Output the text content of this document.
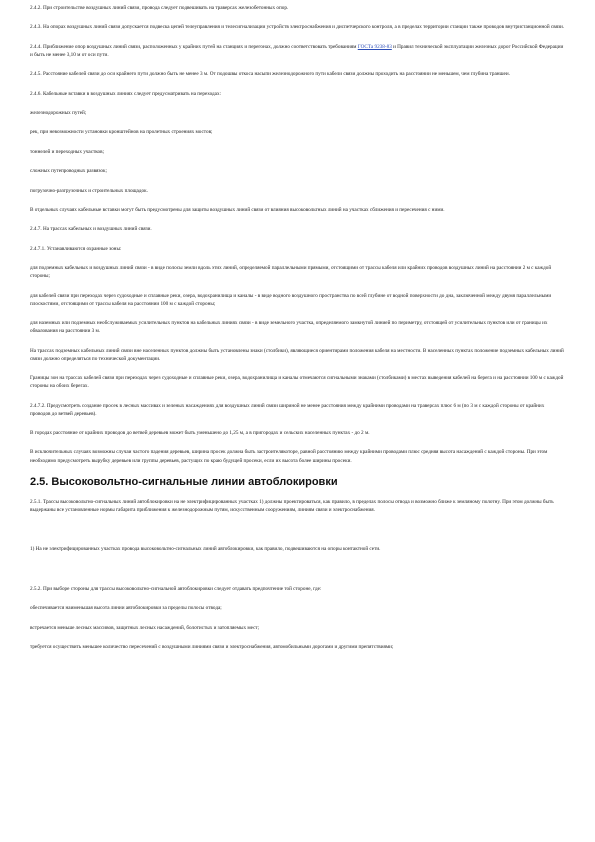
2.4.2. При строительстве воздушных линий связи, провода следует подвешивать на траверсах железобетонных опор.

2.4.3. На опорах воздушных линий связи допускается подвеска цепей телеуправления и телесигнализации устройств электроснабжения и диспетчерского контроля, а в пределах территории станции также проводов внутристанционной связи.

2.4.4. Приближение опор воздушных линий связи, расположенных у крайних путей на станциях и перегонах, должно соответствовать требованиям ГОСТа 9238-83 и Правил технической эксплуатации железных дорог Российской Федерации и быть не менее 3,10 м от оси пути.

2.4.5. Расстояние кабелей связи до оси крайнего пути должно быть не менее 3 м. От подошвы откоса насыпи железнодорожного пути кабели связи должны проходить на расстоянии не меньшем, чем глубина траншеи.

2.4.6. Кабельные вставки в воздушных линиях следует предусматривать на переходах:

железнодорожных путей;

рек, при невозможности установки кронштейнов на пролетных строениях мостов;

тоннелей и переходных участков;

сложных путепроводных развязок;

погрузочно-разгрузочных и строительных площадок.

В отдельных случаях кабельные вставки могут быть предусмотрены для защиты воздушных линий связи от влияния высоковольтных линий на участках сближения и пересечения с ними.

2.4.7. На трассах кабельных и воздушных линий связи.

2.4.7.1. Устанавливаются охранные зоны:

для подземных кабельных и воздушных линий связи - в виде полосы земли вдоль этих линий, определяемой параллельными прямыми, отстоящими от трассы кабеля или крайних проводов воздушных линий на расстоянии 2 м с каждой стороны;

для кабелей связи при переходах через судоходные и сплавные реки, озера, водохранилища и каналы - в виде водного воздушного пространства по всей глубине от водной поверхности до дна, заключенной между двумя параллельными плоскостями, отстоящими от трассы кабеля на расстоянии 100 м с каждой стороны;

для наземных или подземных необслуживаемых усилительных пунктов на кабельных линиях связи - в виде земельного участка, определяемого замкнутой линией по периметру, отстоящей от усилительных пунктов или от границы их обвалования на расстоянии 3 м.

На трассах подземных кабельных линий связи вне населенных пунктов должны быть установлены знаки (столбики), являющиеся ориентирами положения кабеля на местности. В населенных пунктах положение подземных кабельных линий связи должно определяться по технической документации.

Границы зон на трассах кабелей связи при переходах через судоходные и сплавные реки, озера, водохранилища и каналы отмечаются сигнальными знаками (столбиками) в местах выведения кабелей на берега и на расстоянии 100 м с каждой стороны на обоих берегах.

2.4.7.2. Предусмотреть создание просек в лесных массивах и зеленых насаждениях для воздушных линий связи шириной не менее расстояния между крайними проводами на траверсах плюс 6 м (по 3 м с каждой стороны от крайних проводов до ветвей деревьев).

В городах расстояние от крайних проводов до ветвей деревьев может быть уменьшено до 1,25 м, а в пригородах и сельских населенных пунктах - до 2 м.

В исключительных случаях возможны случаи частого падения деревьев, ширина просек должна быть застроителякоторе, равной расстоянию между крайними проводами плюс средняя высота насаждений с каждой стороны. При этом необходимо предусмотреть вырубку деревьев или группы деревьев, растущих по краю будущей просеки, если их высота более ширины просеки.

2.5. Высоковольтно-сигнальные линии автоблокировки

2.5.1. Трассы высоковольтно-сигнальных линий автоблокировки на не электрифицированных участках 1) должны проектироваться, как правило, в пределах полосы отвода и возможно ближе к земляному полотну. При этом должны быть выдержаны все установленные нормы габарита приближения к железнодорожным путям, искусственным сооружениям, линиям связи и электроснабжения.

1) На не электрифицированных участках провода высоковольтно-сигнальных линий автоблокировки, как правило, подвешиваются на опоры контактной сети.

2.5.2. При выборе стороны для трассы высоковольтно-сигнальной автоблокировки следует отдавать предпочтение той стороне, где:

обеспечивается наименьшая высота линии автоблокировки за пределы полосы отвода;

встречается меньше лесных массивов, защитных лесных насаждений, болотистых и затопляемых мест;

требуется осуществить меньшее количество пересечений с воздушными линиями связи и электроснабжения, автомобильными дорогами и другими препятствиями;
